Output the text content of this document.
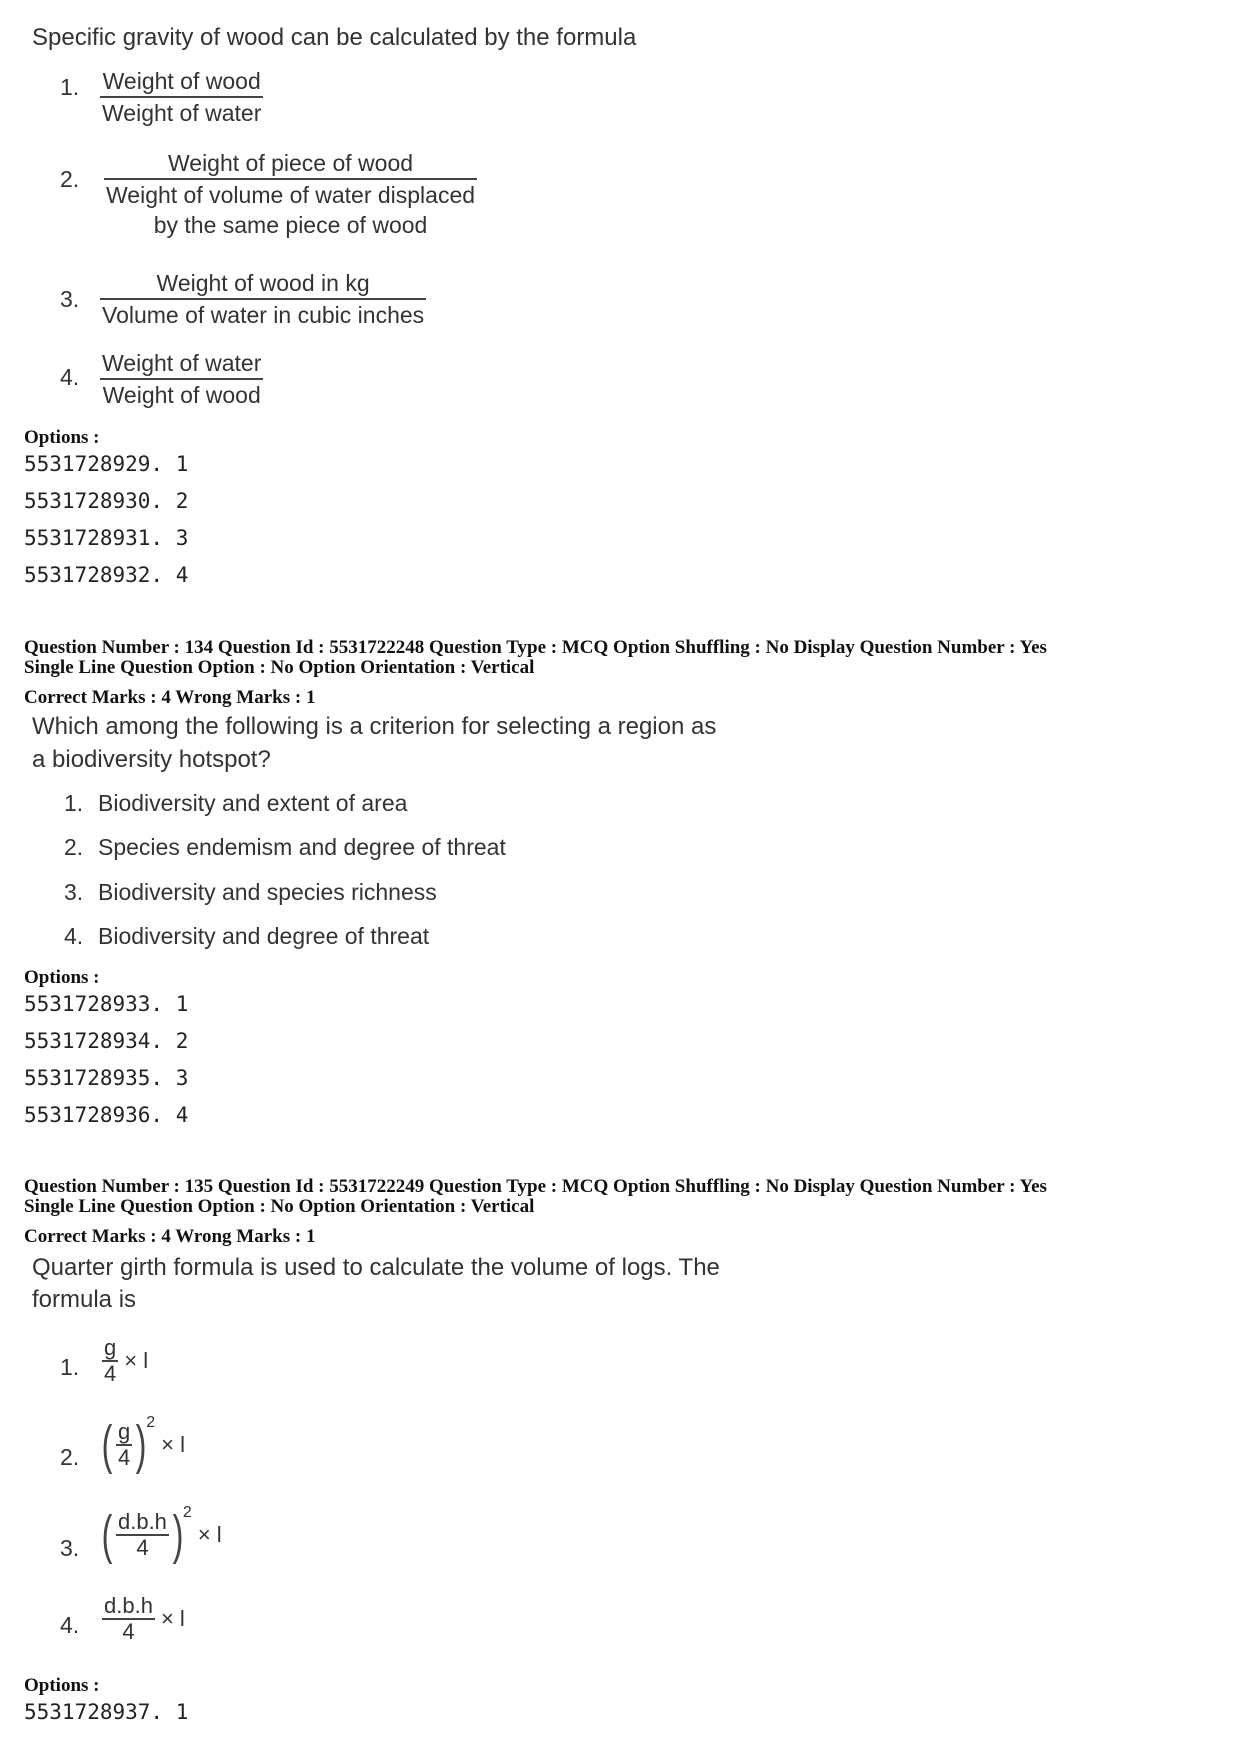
Specific gravity of wood can be calculated by the formula
1. Weight of wood
Weight of water
2.
Weight of piece of wood
Weight of volume of water displaced
by the same piece of wood
3.
Weight of wood in kg
Volume of water in cubic inches
4.
Weight of water
Weight of wood
Options :
5531728929. 1
5531728930. 2
5531728931. 3
5531728932. 4
Question Number : 134 Question Id : 5531722248 Question Type : MCQ Option Shuffling : No Display Question Number : Yes
Single Line Question Option : No Option Orientation : Vertical
Correct Marks : 4 Wrong Marks : 1
Which among the following is a criterion for selecting a region as
a biodiversity hotspot?
1. Biodiversity and extent of area
2. Species endemism and degree of threat
3. Biodiversity and species richness
4. Biodiversity and degree of threat
Options :
5531728933. 1
5531728934. 2
5531728935. 3
5531728936. 4
Question Number : 135 Question Id : 5531722249 Question Type : MCQ Option Shuffling : No Display Question Number : Yes
Single Line Question Option : No Option Orientation : Vertical
Correct Marks : 4 Wrong Marks : 1
Quarter girth formula is used to calculate the volume of logs. The
formula is
1. $\frac{g}{4} \times l$
2. ( $\frac{g}{4} )^2\times l$
3. ( $\frac{d.b.h}{4} )^2\times l$
4. $\frac{d.b.h}{4} \times l$
Options :
5531728937. 1
